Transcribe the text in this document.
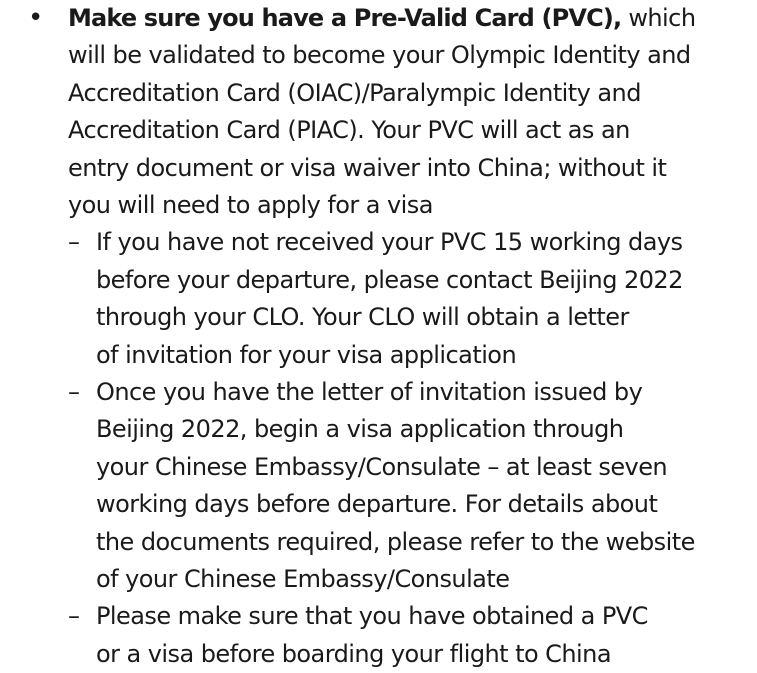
• Make sure you have a Pre-Valid Card (PVC), which
will be validated to become your Olympic Identity and
Accreditation Card (OIAC)/Paralympic Identity and
Accreditation Card (PIAC). Your PVC will act as an
entry document or visa waiver into China; without it
you will need to apply for a visa
– If you have not received your PVC 15 working days
before your departure, please contact Beijing 2022
through your CLO. Your CLO will obtain a letter
of invitation for your visa application
– Once you have the letter of invitation issued by
Beijing 2022, begin a visa application through
your Chinese Embassy/Consulate – at least seven
working days before departure. For details about
the documents required, please refer to the website
of your Chinese Embassy/Consulate
– Please make sure that you have obtained a PVC
or a visa before boarding your flight to China
